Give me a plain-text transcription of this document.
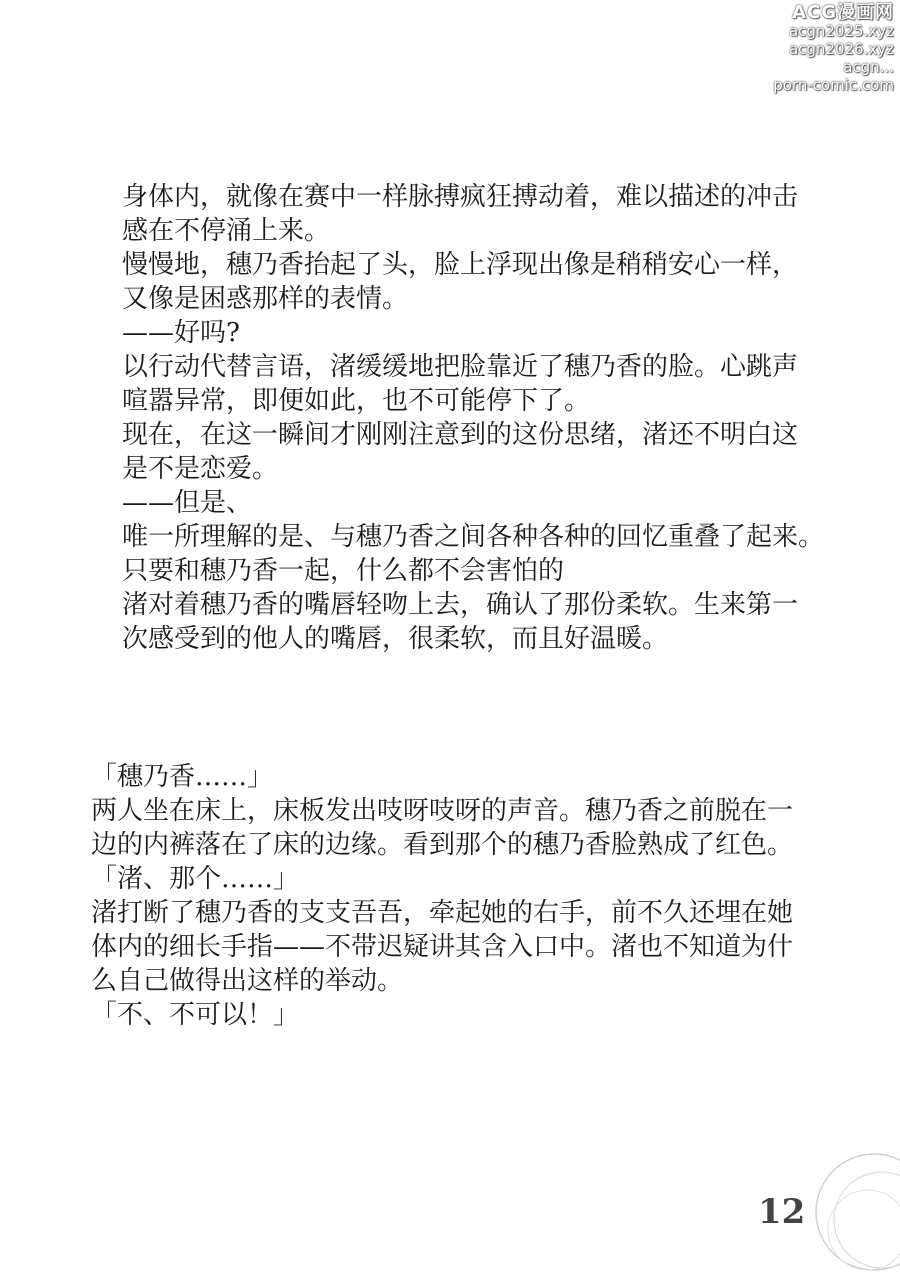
ACG漫画网
acgn2025.xyz
acgn2026.xyz
acgn...
porn-comic.com

身体内，就像在赛中一样脉搏疯狂搏动着，难以描述的冲击
感在不停涌上来。

慢慢地，穗乃香抬起了头，脸上浮现出像是稍稍安心一样，
又像是困惑那样的表情。

——好吗?

以行动代替言语，渚缓缓地把脸靠近了穗乃香的脸。心跳声
喧嚣异常，即便如此，也不可能停下了。

现在，在这一瞬间才刚刚注意到的这份思绪，渚还不明白这
是不是恋爱。

——但是、

唯一所理解的是、与穗乃香之间各种各种的回忆重叠了起来。

只要和穗乃香一起，什么都不会害怕的

渚对着穗乃香的嘴唇轻吻上去，确认了那份柔软。生来第一
次感受到的他人的嘴唇，很柔软，而且好温暖。

「穗乃香……」

两人坐在床上，床板发出吱呀吱呀的声音。穗乃香之前脱在一
边的内裤落在了床的边缘。看到那个的穗乃香脸熟成了红色。

「渚、那个……」

渚打断了穗乃香的支支吾吾，牵起她的右手，前不久还埋在她
体内的细长手指——不带迟疑讲其含入口中。渚也不知道为什
么自己做得出这样的举动。

「不、不可以！」

12
